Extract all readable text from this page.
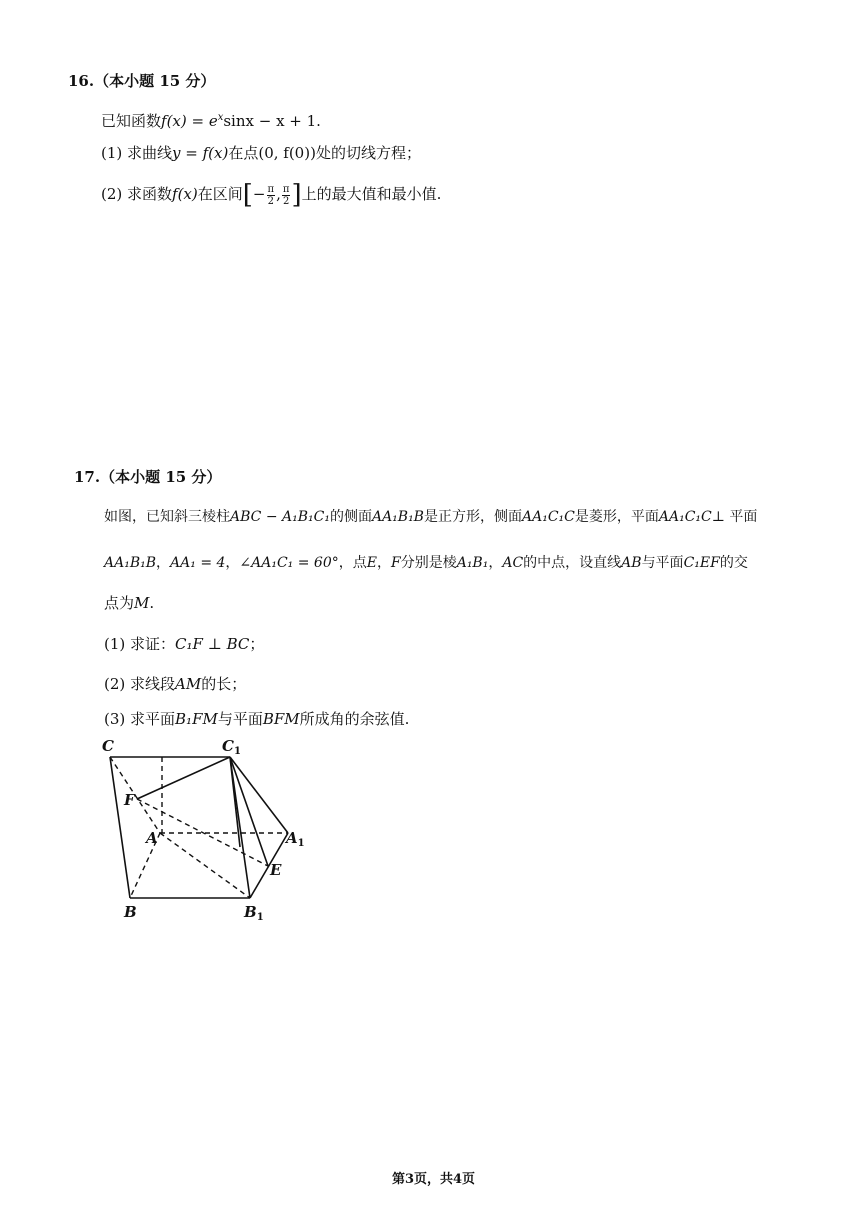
16.（本小题 15 分）
已知函数$f(x) = e^x\sin x - x + 1$.
(1) 求曲线y = f(x)在点(0, f(0))处的切线方程；
(2) 求函数f(x)在区间[− $\frac{\pi}{2}$ , $\frac{\pi}{2}$ ]上的最大值和最小值.
17.（本小题 15 分）
如图，已知斜三棱柱ABC − A₁B₁C₁的侧面AA₁B₁B是正方形，侧面AA₁C₁C是菱形，平面AA₁C₁C⊥ 平面
AA₁B₁B，AA₁ = 4，∠AA₁C₁ = 60°，点E，F分别是棱A₁B₁，AC的中点，设直线AB与平面C₁EF的交
点为M.
(1) 求证：C₁F ⊥ BC；
(2) 求线段AM的长；
(3) 求平面B₁FM与平面BFM所成角的余弦值.
C	$C_1$
F
A	$A_1$
E
B	$B_1$
第3页，共4页
